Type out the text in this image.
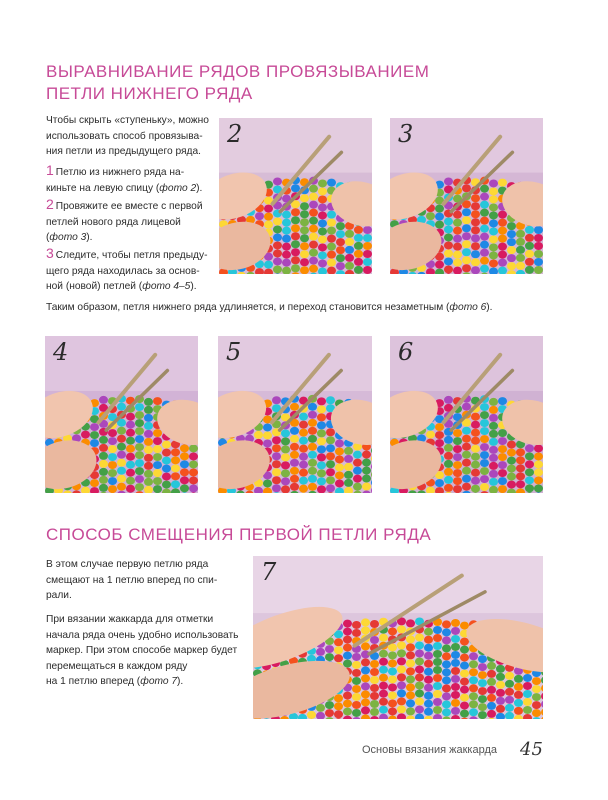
ВЫРАВНИВАНИЕ РЯДОВ ПРОВЯЗЫВАНИЕМ
ПЕТЛИ НИЖНЕГО РЯДА
Чтобы скрыть «ступеньку», можно
использовать способ провязыва-
ния петли из предыдущего ряда.
1 Петлю из нижнего ряда на-
киньте на левую спицу (фото 2).
2 Провяжите ее вместе с первой
петлей нового ряда лицевой
(фото 3).
3 Следите, чтобы петля предыду-
щего ряда находилась за основ-
ной (новой) петлей (фото 4–5).
Таким образом, петля нижнего ряда удлиняется, и переход становится незаметным (фото 6).
2	3
4	5	6
7
СПОСОБ СМЕЩЕНИЯ ПЕРВОЙ ПЕТЛИ РЯДА
В этом случае первую петлю ряда
смещают на 1 петлю вперед по спи-
рали.
При вязании жаккарда для отметки
начала ряда очень удобно использовать
маркер. При этом способе маркер будет
перемещаться в каждом ряду
на 1 петлю вперед (фото 7).
Основы вязания жаккарда 45
